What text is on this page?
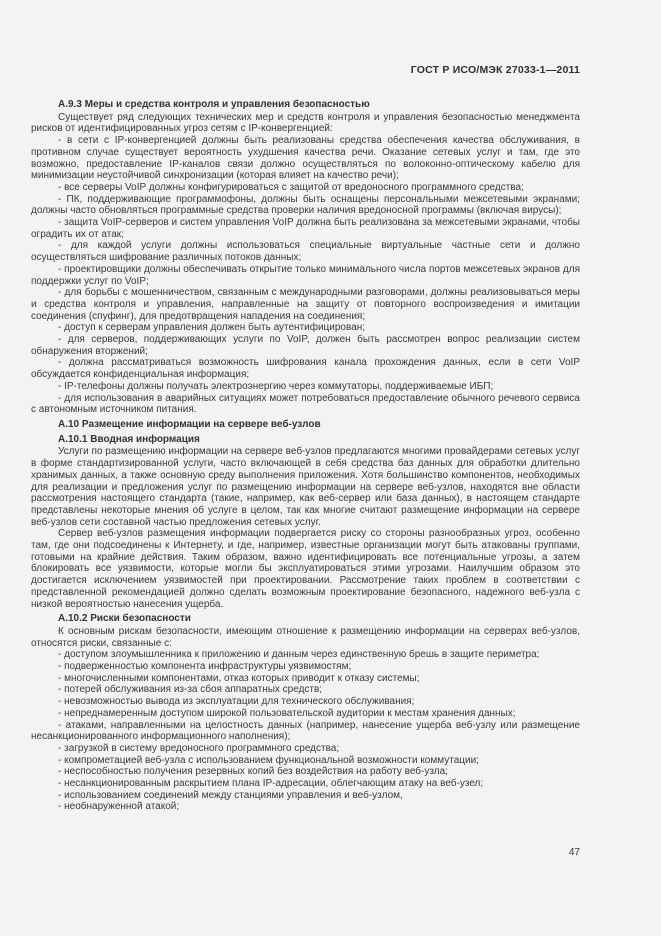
ГОСТ Р ИСО/МЭК 27033-1—2011
А.9.3 Меры и средства контроля и управления безопасностью
Существует ряд следующих технических мер и средств контроля и управления безопасностью менеджмента рисков от идентифицированных угроз сетям с IP-конвергенцией:
- в сети с IP-конвергенцией должны быть реализованы средства обеспечения качества обслуживания, в противном случае существует вероятность ухудшения качества речи. Оказание сетевых услуг и там, где это возможно, предоставление IP-каналов связи должно осуществляться по волоконно-оптическому кабелю для минимизации неустойчивой синхронизации (которая влияет на качество речи);
- все серверы VoIP должны конфигурироваться с защитой от вредоносного программного средства;
- ПК, поддерживающие программофоны, должны быть оснащены персональными межсетевыми экранами; должны часто обновляться программные средства проверки наличия вредоносной программы (включая вирусы);
- защита VoIP-серверов и систем управления VoIP должна быть реализована за межсетевыми экранами, чтобы оградить их от атак;
- для каждой услуги должны использоваться специальные виртуальные частные сети и должно осуществляться шифрование различных потоков данных;
- проектировщики должны обеспечивать открытие только минимального числа портов межсетевых экранов для поддержки услуг по VoIP;
- для борьбы с мошенничеством, связанным с международными разговорами, должны реализовываться меры и средства контроля и управления, направленные на защиту от повторного воспроизведения и имитации соединения (спуфинг), для предотвращения нападения на соединения;
- доступ к серверам управления должен быть аутентифицирован;
- для серверов, поддерживающих услуги по VoIP, должен быть рассмотрен вопрос реализации систем обнаружения вторжений;
- должна рассматриваться возможность шифрования канала прохождения данных, если в сети VoIP обсуждается конфиденциальная информация;
- IP-телефоны должны получать электроэнергию через коммутаторы, поддерживаемые ИБП;
- для использования в аварийных ситуациях может потребоваться предоставление обычного речевого сервиса с автономным источником питания.
А.10 Размещение информации на сервере веб-узлов
А.10.1 Вводная информация
Услуги по размещению информации на сервере веб-узлов предлагаются многими провайдерами сетевых услуг в форме стандартизированной услуги, часто включающей в себя средства баз данных для обработки длительно хранимых данных, а также основную среду выполнения приложения. Хотя большинство компонентов, необходимых для реализации и предложения услуг по размещению информации на сервере веб-узлов, находятся вне области рассмотрения настоящего стандарта (такие, например, как веб-сервер или база данных), в настоящем стандарте представлены некоторые мнения об услуге в целом, так как многие считают размещение информации на сервере веб-узлов сети составной частью предложения сетевых услуг.
Сервер веб-узлов размещения информации подвергается риску со стороны разнообразных угроз, особенно там, где они подсоединены к Интернету, и где, например, известные организации могут быть атакованы группами, готовыми на крайние действия. Таким образом, важно идентифицировать все потенциальные угрозы, а затем блокировать все уязвимости, которые могли бы эксплуатироваться этими угрозами. Наилучшим образом это достигается исключением уязвимостей при проектировании. Рассмотрение таких проблем в соответствии с представленной рекомендацией должно сделать возможным проектирование безопасного, надежного веб-узла с низкой вероятностью нанесения ущерба.
А.10.2 Риски безопасности
К основным рискам безопасности, имеющим отношение к размещению информации на серверах веб-узлов, относятся риски, связанные с:
- доступом злоумышленника к приложению и данным через единственную брешь в защите периметра;
- подверженностью компонента инфраструктуры уязвимостям;
- многочисленными компонентами, отказ которых приводит к отказу системы;
- потерей обслуживания из-за сбоя аппаратных средств;
- невозможностью вывода из эксплуатации для технического обслуживания;
- непреднамеренным доступом широкой пользовательской аудитории к местам хранения данных;
- атаками, направленными на целостность данных (например, нанесение ущерба веб-узлу или размещение несанкционированного информационного наполнения);
- загрузкой в систему вредоносного программного средства;
- компрометацией веб-узла с использованием функциональной возможности коммутации;
- неспособностью получения резервных копий без воздействия на работу веб-узла;
- несанкционированным раскрытием плана IP-адресации, облегчающим атаку на веб-узел;
- использованием соединений между станциями управления и веб-узлом,
- необнаруженной атакой;
47
